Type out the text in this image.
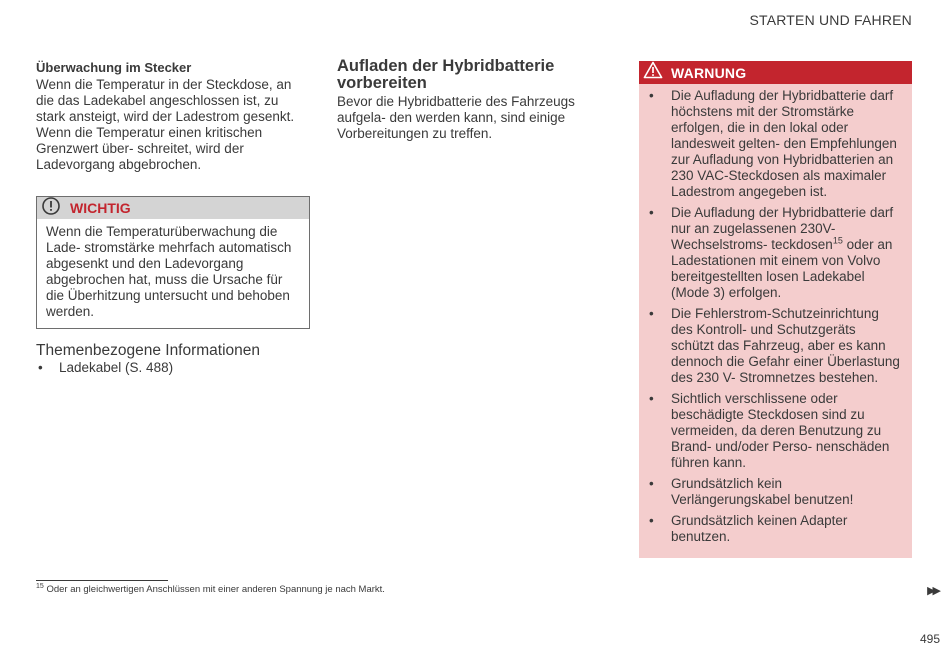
STARTEN UND FAHREN
Überwachung im Stecker

Wenn die Temperatur in der Steckdose, an die das Ladekabel angeschlossen ist, zu stark ansteigt, wird der Ladestrom gesenkt. Wenn die Temperatur einen kritischen Grenzwert über- schreitet, wird der Ladevorgang abgebrochen.

WICHTIG
Wenn die Temperaturüberwachung die Lade- stromstärke mehrfach automatisch abgesenkt und den Ladevorgang abgebrochen hat, muss die Ursache für die Überhitzung untersucht und behoben werden.
Themenbezogene Informationen
• Ladekabel (S. 488)
Aufladen der Hybridbatterie vorbereiten

Bevor die Hybridbatterie des Fahrzeugs aufgela- den werden kann, sind einige Vorbereitungen zu treffen.

WARNUNG
• Die Aufladung der Hybridbatterie darf höchstens mit der Stromstärke erfolgen, die in den lokal oder landesweit gelten- den Empfehlungen zur Aufladung von Hybridbatterien an 230 VAC-Steckdosen als maximaler Ladestrom angegeben ist.
• Die Aufladung der Hybridbatterie darf nur an zugelassenen 230V-Wechselstroms- teckdosen$^{15}$ oder an Ladestationen mit einem von Volvo bereitgestellten losen Ladekabel (Mode 3) erfolgen.
• Die Fehlerstrom-Schutzeinrichtung des Kontroll- und Schutzgeräts schützt das Fahrzeug, aber es kann dennoch die Gefahr einer Überlastung des 230 V- Stromnetzes bestehen.
• Sichtlich verschlissene oder beschädigte Steckdosen sind zu vermeiden, da deren Benutzung zu Brand- und/oder Perso- nenschäden führen kann.
• Grundsätzlich kein Verlängerungskabel benutzen!
• Grundsätzlich keinen Adapter benutzen.
$^{15}$ Oder an gleichwertigen Anschlüssen mit einer anderen Spannung je nach Markt.	▶▶
495
